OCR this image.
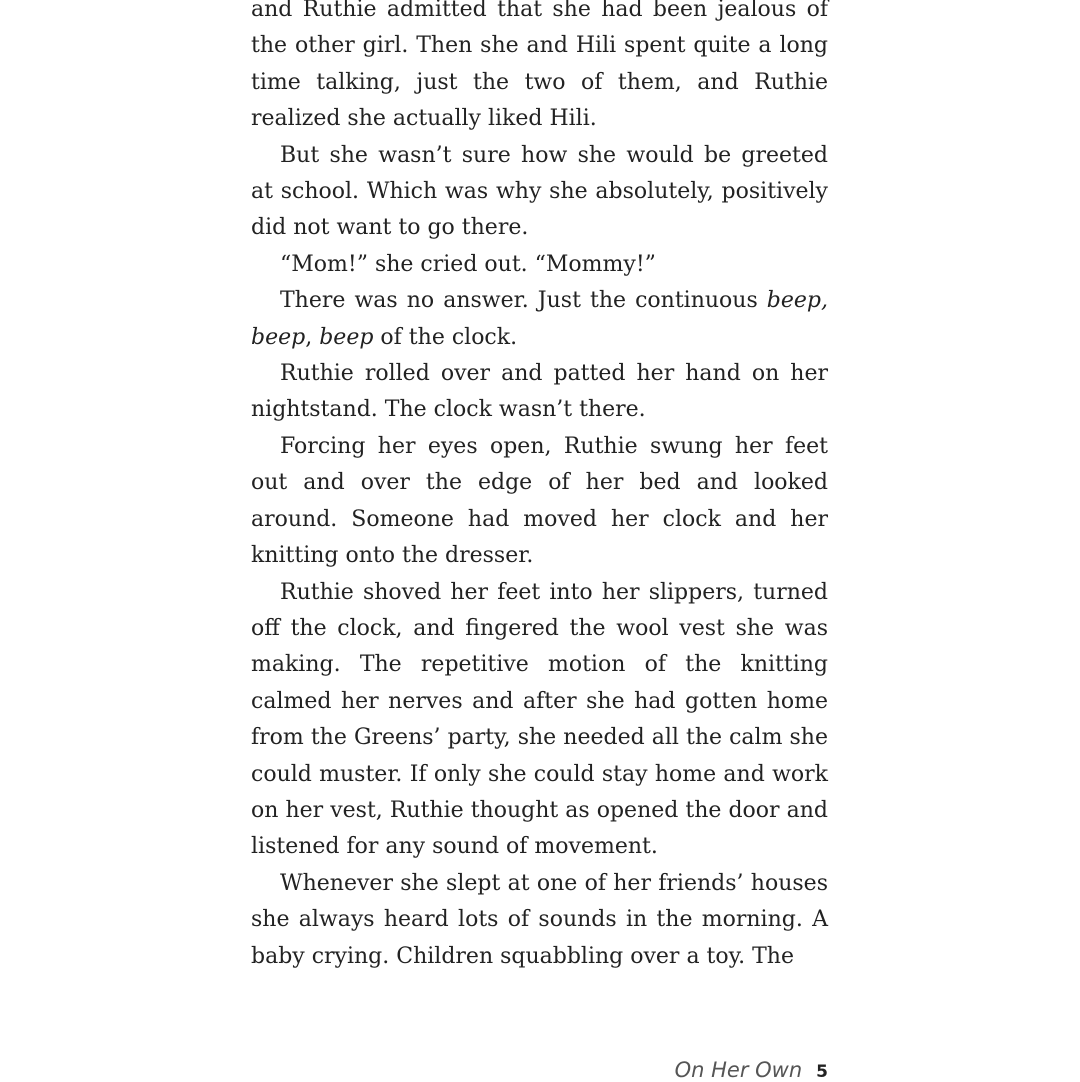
and Ruthie admitted that she had been jealous of the other girl. Then she and Hili spent quite a long time talking, just the two of them, and Ruthie realized she actually liked Hili.

But she wasn’t sure how she would be greeted at school. Which was why she absolutely, positively did not want to go there.

“Mom!” she cried out. “Mommy!”

There was no answer. Just the continuous beep, beep, beep of the clock.

Ruthie rolled over and patted her hand on her nightstand. The clock wasn’t there.

Forcing her eyes open, Ruthie swung her feet out and over the edge of her bed and looked around. Someone had moved her clock and her knitting onto the dresser.

Ruthie shoved her feet into her slippers, turned off the clock, and fingered the wool vest she was making. The repetitive motion of the knitting calmed her nerves and after she had gotten home from the Greens’ party, she needed all the calm she could muster. If only she could stay home and work on her vest, Ruthie thought as opened the door and listened for any sound of movement.

Whenever she slept at one of her friends’ houses she always heard lots of sounds in the morning. A baby crying. Children squabbling over a toy. The

On Her Own 5
